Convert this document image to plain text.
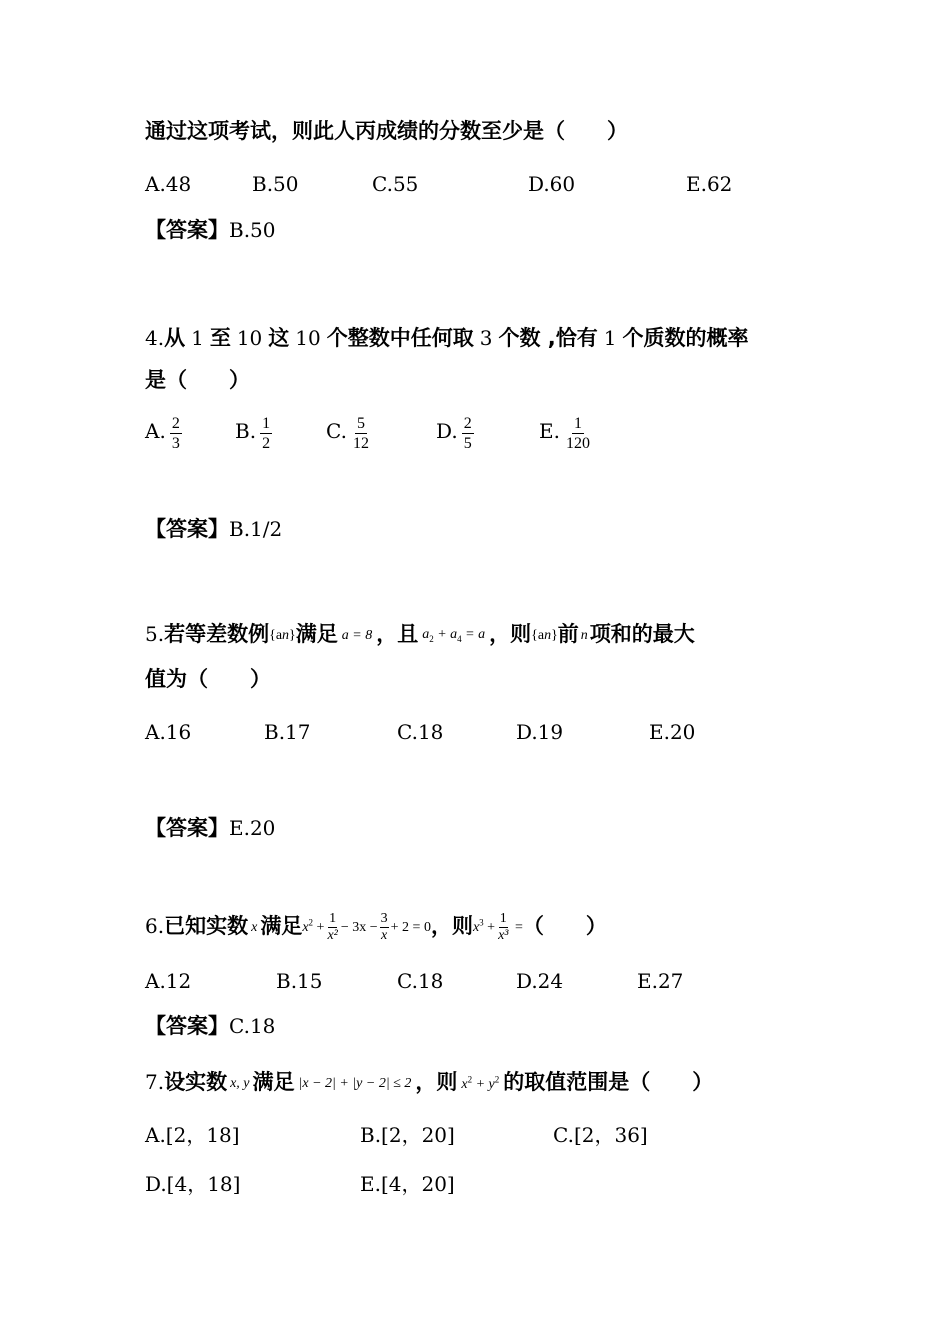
通过这项考试，则此人丙成绩的分数至少是（　　）
A.48	B.50	C.55	D.60	E.62
【答案】B.50
4.从 1 至 10 这 10 个整数中任何取 3 个数 ,恰有 1 个质数的概率
是（　　）
A. $\frac{2}{3}$	B. $\frac{1}{2}$	C. $\frac{5}{12}$	D. $\frac{2}{5}$	E. $\frac{1}{120}$
【答案】B.1/2
5.若等差数例{an}满足 a = 8 ，且 $a_2 + a_4 = a$ ，则{an}前 n项和的最大
值为（　　）
A.16	B.17	C.18	D.19	E.20
【答案】E.20
6.已知实数 x 满足$x^2 + \frac{1}{\text{x²}} - 3x - \frac{3}{x} + 2 = 0$，则$x^3 + \frac{1}{\text{x³}}$ =（　　）
A.12	B.15	C.18	D.24	E.27
【答案】C.18
7.设实数 x, y 满足 |x − 2| + |y − 2| ≤ 2 ，则 $x^2 + y^2$ 的取值范围是（　　）
A.[2，18]	B.[2，20]	C.[2，36]
D.[4，18]	E.[4，20]
